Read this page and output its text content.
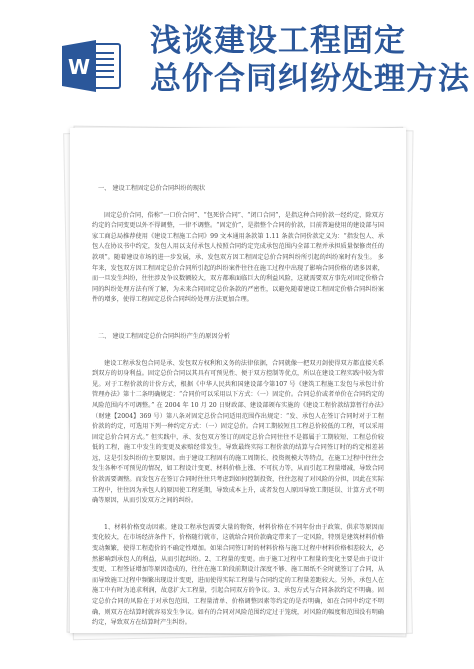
W
浅谈建设工程固定
总价合同纠纷处理方法

一、 建设工程固定总价合同纠纷的现状

固定总价合同，俗称“一口价合同”、“包死价合同”、“闭口合同”，是指这种合同价款一经约定，除双方约定的合同变更以外不得调整，一律不调整。“固定价”，是指整个合同的价款，目前普遍使用的建设部与国家工商总局推荐使用《建设工程施工合同》99 文本通用条款第 1.11 条款合同价款定义为：“指发包人、承包人在协议书中约定，发包人用以支付承包人按照合同约定完成承包范围内全部工程并承担质量保修责任的款项”。随着建设市场的进一步发展，承、发包双方因工程固定总价合同纠纷所引起的纠纷案时有发生。 多年来，发包双方因工程固定总价合同所引起的纠纷案件往往在施工过程中出现了影响合同价格的诸多因素，而一旦发生纠纷，往往涉及争议数额较大，双方都难面临巨大的利益风险，这就需要双方事先对固定价格合同的纠纷处理方法有所了解，为未来合同固定总价条款的严密性，以避免随着建设工程固定价格合同纠纷案件的增多，使得工程固定总价合同纠纷处理方法更加合理。

二、 建设工程固定总价合同纠纷产生的原因分析

建设工程承发包合同是承、发包双方权利和义务的法律依据，合同就像一把双刃剑使得双方都直接关系到双方的切身利益。固定总价合同以其具有可预见性、便于双方控制等优点，所以在建设工程实践中较为常见。对于工程价款的计价方式，根据《中华人民共和国建设部令第107 号《建筑工程施工发包与承包计价管理办法》第十二条明确规定：“合同价可以采用以下方式：（一）固定价。合同总价或者单价在合同约定的风险范围内不可调整。” 在 2004 年 10 月 20 日财政部、建设部颁布实施的《建设工程价款结算暂行办法》（财建【2004】369 号）第八条对固定总价合同适用范围作出规定：“发、承包人在签订合同时对于工程价款的约定，可选用下列一种约定方式：（一）固定总价。合同工期较短且工程总价较低的工程，可以采用固定总价合同方式。” 但实践中，承、发包双方签订的固定总价合同往往不是都属于工期较短、工程总价较低的工程，施工中发生的变更及索赔经常发生，导致最终实际工程价款的结算与合同签订时的约定相差甚远，这是引发纠纷的主要原因。由于建设工程固有的施工周期长、投资规模大等特点，在施工过程中往往会发生各种不可预见的情况，如工程设计变更、材料价格上涨、不可抗力等，从而引起工程量增减，导致合同价款需要调整。而发包方在签订合同时往往只考虑到如何控制投资，往往忽视了对风险的分担，因此在实际工程中，往往因为承包人的原因使工程延期，导致成本上升，或者发包人原因导致工期延误、计算方式不明确等原因，从而引发双方之间的纠纷。

1、材料价格变动因素。建设工程承包需要大量的物资，材料价格在不同年份由于政策、供求等原因而变化较大，在市场经济条件下，价格随行就市，这就给合同价款确定带来了一定风险，特别是建筑材料价格变动频繁，使得工程造价的不确定性增加。如果合同签订时的材料价格与施工过程中材料价格相差较大，必然影响到承包人的利益，从而引起纠纷。2、工程量的变更。由于施工过程中工程量的变化主要是由于设计变更、工程签证增加等原因造成的，往往在施工阶段前期设计深度不够、施工图纸不全时就签订了合同，从而导致施工过程中频繁出现设计变更，进而使得实际工程量与合同约定的工程量差距较大。另外，承包人在施工中有时为追求利润，故意扩大工程量，引起合同双方的争议。3、承包方式与合同条款约定不明确。固定总价合同的风险在于对承包范围、工程量清单、价格调整因素等约定的是否明确，如在合同中约定不明确，则双方在结算时就容易发生争议。如有的合同对风险范围约定过于笼统，对风险的幅度和范围没有明确约定，导致双方在结算时产生纠纷。
